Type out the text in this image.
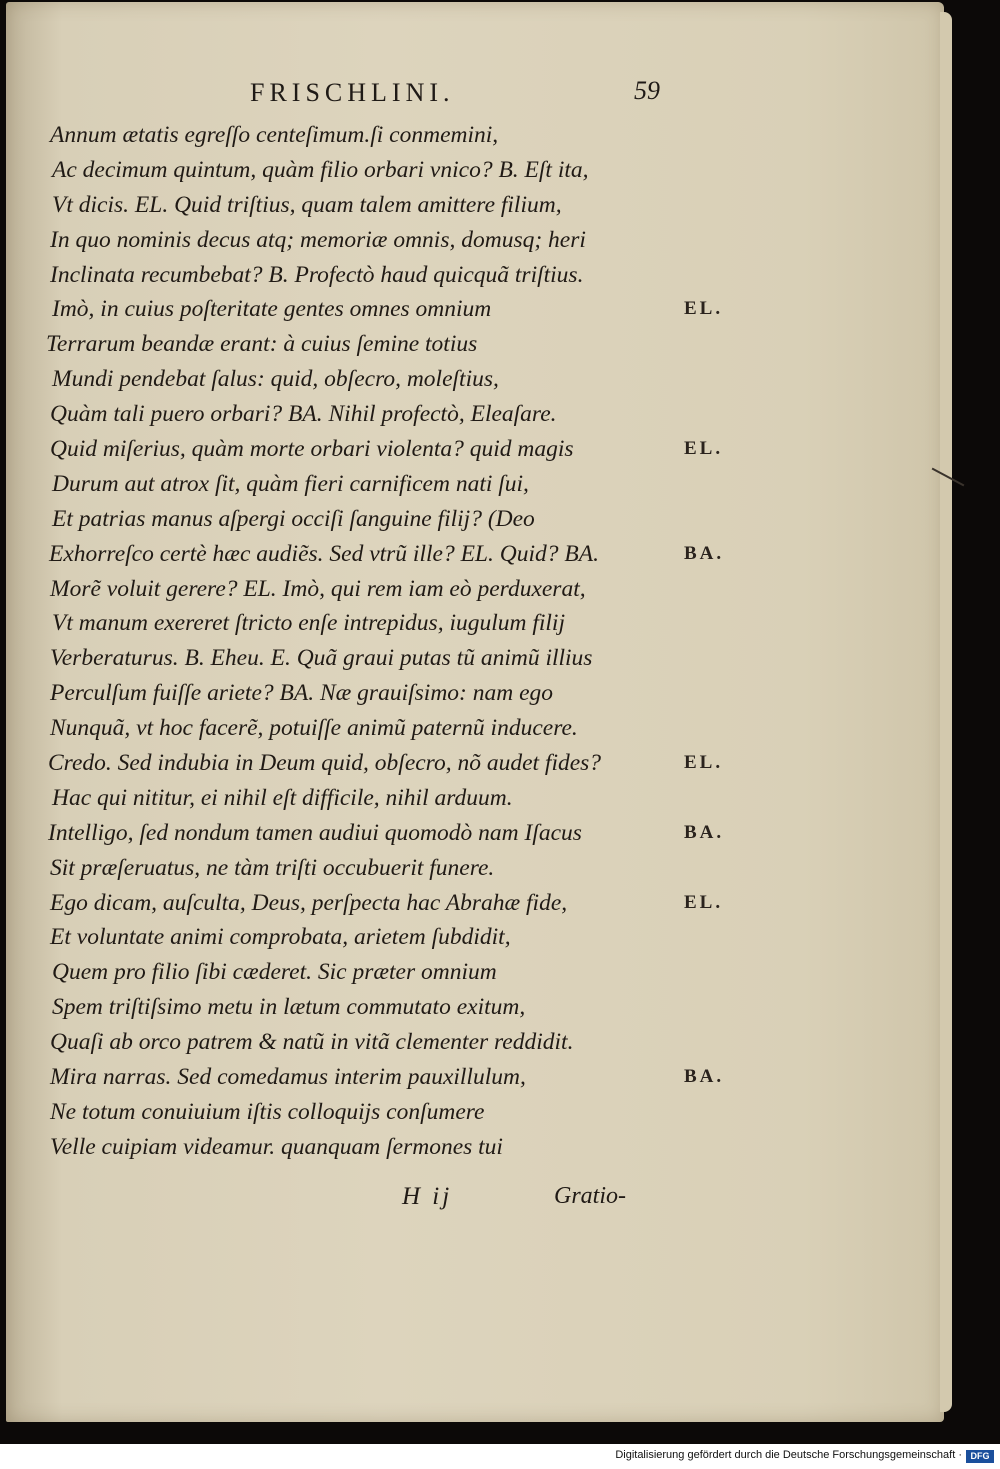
FRISCHLINI.	59
Annum ætatis egreſſo centeſimum.ſi conmemini,
Ac decimum quintum, quàm filio orbari vnico? B. Eſt ita,
Vt dicis. EL. Quid triſtius, quam talem amittere filium,
In quo nominis decus atq; memoriæ omnis, domusq; heri
Inclinata recumbebat? B. Profectò haud quicquã triſtius.
Imò, in cuius poſteritate gentes omnes omnium	EL.
Terrarum beandæ erant: à cuius ſemine totius
Mundi pendebat ſalus: quid, obſecro, moleſtius,
Quàm tali puero orbari? BA. Nihil profectò, Eleaſare.
Quid miſerius, quàm morte orbari violenta? quid magis	EL.
Durum aut atrox ſit, quàm fieri carnificem nati ſui,
Et patrias manus aſpergi occiſi ſanguine filij? (Deo
Exhorreſco certè hæc audiẽs. Sed vtrũ ille? EL. Quid? BA.	BA.
Morẽ voluit gerere? EL. Imò, qui rem iam eò perduxerat,
Vt manum exereret ſtricto enſe intrepidus, iugulum filij
Verberaturus. B. Eheu. E. Quã graui putas tũ animũ illius
Perculſum fuiſſe ariete? BA. Næ grauiſsimo: nam ego
Nunquã, vt hoc facerẽ, potuiſſe animũ paternũ inducere.
Credo. Sed indubia in Deum quid, obſecro, nõ audet fides?	EL.
Hac qui nititur, ei nihil eſt difficile, nihil arduum.
Intelligo, ſed nondum tamen audiui quomodò nam Iſacus	BA.
Sit præſeruatus, ne tàm triſti occubuerit funere.
Ego dicam, auſculta, Deus, perſpecta hac Abrahæ fide,	EL.
Et voluntate animi comprobata, arietem ſubdidit,
Quem pro filio ſibi cæderet. Sic præter omnium
Spem triſtiſsimo metu in lætum commutato exitum,
Quaſi ab orco patrem & natũ in vitã clementer reddidit.
Mira narras. Sed comedamus interim pauxillulum,	BA.
Ne totum conuiuium iſtis colloquijs conſumere
Velle cuipiam videamur. quanquam ſermones tui
H ij	Gratio-
Digitalisierung gefördert durch die Deutsche Forschungsgemeinschaft · DFG
